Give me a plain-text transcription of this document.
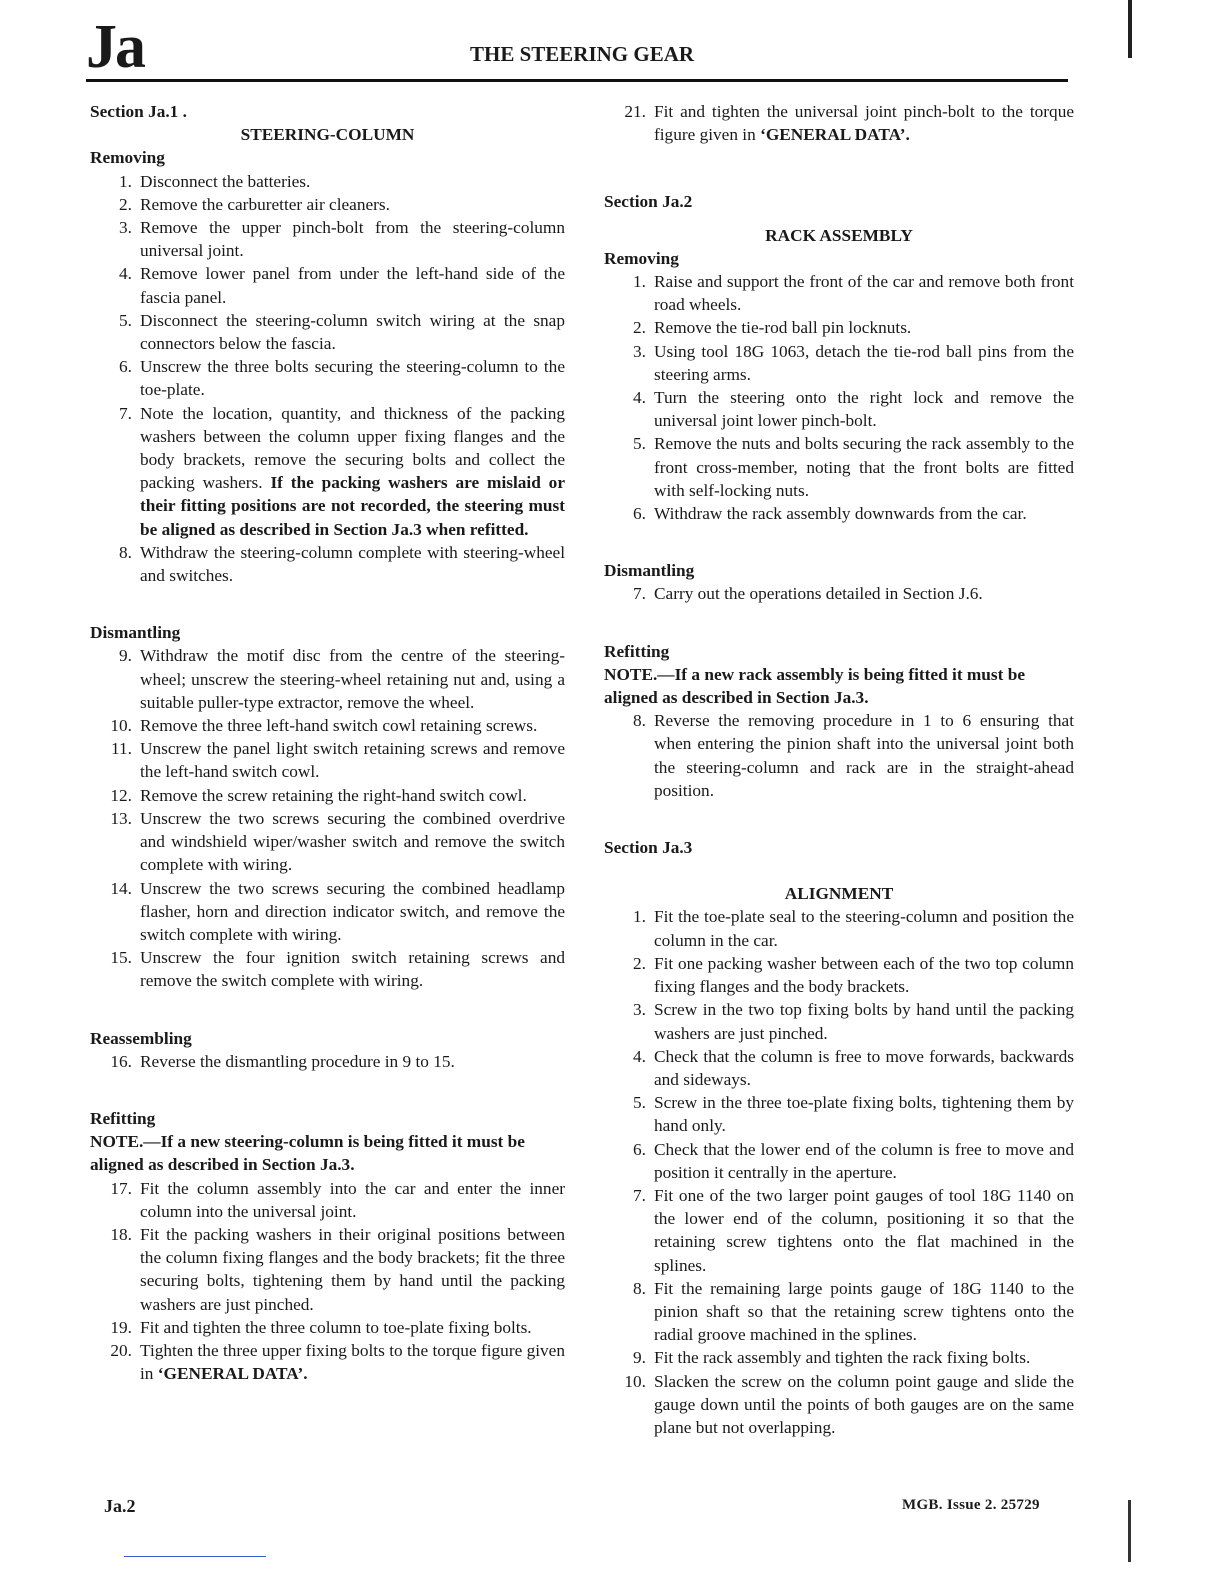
Ja	THE STEERING GEAR
Section Ja.1 .
STEERING-COLUMN
Removing
1. Disconnect the batteries.
2. Remove the carburetter air cleaners.
3. Remove the upper pinch-bolt from the steering-column universal joint.
4. Remove lower panel from under the left-hand side of the fascia panel.
5. Disconnect the steering-column switch wiring at the snap connectors below the fascia.
6. Unscrew the three bolts securing the steering-column to the toe-plate.
7. Note the location, quantity, and thickness of the packing washers between the column upper fixing flanges and the body brackets, remove the securing bolts and collect the packing washers. If the packing washers are mislaid or their fitting positions are not recorded, the steering must be aligned as described in Section Ja.3 when refitted.
8. Withdraw the steering-column complete with steering-wheel and switches.
Dismantling
9. Withdraw the motif disc from the centre of the steering-wheel; unscrew the steering-wheel retaining nut and, using a suitable puller-type extractor, remove the wheel.
10. Remove the three left-hand switch cowl retaining screws.
11. Unscrew the panel light switch retaining screws and remove the left-hand switch cowl.
12. Remove the screw retaining the right-hand switch cowl.
13. Unscrew the two screws securing the combined overdrive and windshield wiper/washer switch and remove the switch complete with wiring.
14. Unscrew the two screws securing the combined headlamp flasher, horn and direction indicator switch, and remove the switch complete with wiring.
15. Unscrew the four ignition switch retaining screws and remove the switch complete with wiring.
Reassembling
16. Reverse the dismantling procedure in 9 to 15.
Refitting
NOTE.—If a new steering-column is being fitted it must be aligned as described in Section Ja.3.
17. Fit the column assembly into the car and enter the inner column into the universal joint.
18. Fit the packing washers in their original positions between the column fixing flanges and the body brackets; fit the three securing bolts, tightening them by hand until the packing washers are just pinched.
19. Fit and tighten the three column to toe-plate fixing bolts.
20. Tighten the three upper fixing bolts to the torque figure given in ‘GENERAL DATA’.
21. Fit and tighten the universal joint pinch-bolt to the torque figure given in ‘GENERAL DATA’.
Section Ja.2
RACK ASSEMBLY
Removing
1. Raise and support the front of the car and remove both front road wheels.
2. Remove the tie-rod ball pin locknuts.
3. Using tool 18G 1063, detach the tie-rod ball pins from the steering arms.
4. Turn the steering onto the right lock and remove the universal joint lower pinch-bolt.
5. Remove the nuts and bolts securing the rack assembly to the front cross-member, noting that the front bolts are fitted with self-locking nuts.
6. Withdraw the rack assembly downwards from the car.
Dismantling
7. Carry out the operations detailed in Section J.6.
Refitting
NOTE.—If a new rack assembly is being fitted it must be aligned as described in Section Ja.3.
8. Reverse the removing procedure in 1 to 6 ensuring that when entering the pinion shaft into the universal joint both the steering-column and rack are in the straight-ahead position.
Section Ja.3
ALIGNMENT
1. Fit the toe-plate seal to the steering-column and position the column in the car.
2. Fit one packing washer between each of the two top column fixing flanges and the body brackets.
3. Screw in the two top fixing bolts by hand until the packing washers are just pinched.
4. Check that the column is free to move forwards, backwards and sideways.
5. Screw in the three toe-plate fixing bolts, tightening them by hand only.
6. Check that the lower end of the column is free to move and position it centrally in the aperture.
7. Fit one of the two larger point gauges of tool 18G 1140 on the lower end of the column, positioning it so that the retaining screw tightens onto the flat machined in the splines.
8. Fit the remaining large points gauge of 18G 1140 to the pinion shaft so that the retaining screw tightens onto the radial groove machined in the splines.
9. Fit the rack assembly and tighten the rack fixing bolts.
10. Slacken the screw on the column point gauge and slide the gauge down until the points of both gauges are on the same plane but not overlapping.
Ja.2	MGB. Issue 2. 25729
